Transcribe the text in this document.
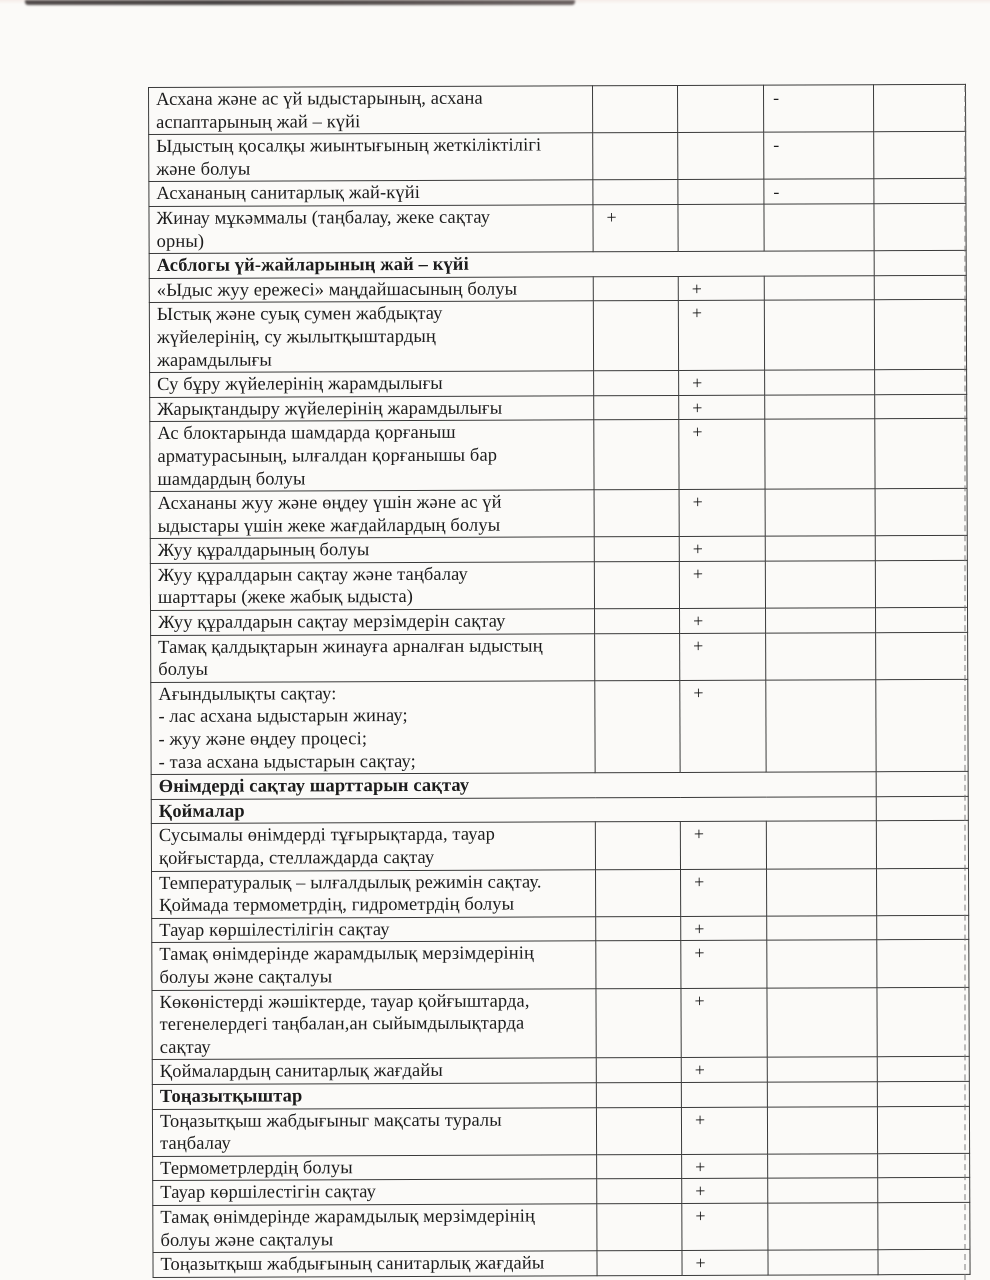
Асхана және ас үй ыдыстарының, асхана
аспаптарының жай – күйі			-	
Ыдыстың қосалқы жиынтығының жеткіліктілігі
және болуы			-	
Асхананың санитарлық жай-күйі			-	
Жинау мұкәммалы (таңбалау, жеке сақтау
орны)	+			
Асблогы үй-жайларының жай – күйі				
«Ыдыс жуу ережесі» маңдайшасының болуы		+		
Ыстық және суық сумен жабдықтау
жүйелерінің, су жылытқыштардың
жарамдылығы		+		
Су бұру жүйелерінің жарамдылығы		+		
Жарықтандыру жүйелерінің жарамдылығы		+		
Ас блоктарында шамдарда қорғаныш
арматурасының, ылғалдан қорғанышы бар
шамдардың болуы		+		
Асхананы жуу және өңдеу үшін және ас үй
ыдыстары үшін жеке жағдайлардың болуы		+		
Жуу құралдарының болуы		+		
Жуу құралдарын сақтау және таңбалау
шарттары (жеке жабық ыдыста)		+		
Жуу құралдарын сақтау мерзімдерін сақтау		+		
Тамақ қалдықтарын жинауға арналған ыдыстың
болуы		+		
Ағындылықты сақтау:
- лас асхана ыдыстарын жинау;
- жуу және өңдеу процесі;
- таза асхана ыдыстарын сақтау;		+		
Өнімдерді сақтау шарттарын сақтау				
Қоймалар				
Сусымалы өнімдерді тұғырықтарда, тауар
қойғыстарда, стеллаждарда сақтау		+		
Температуралық – ылғалдылық режимін сақтау.
Қоймада термометрдің, гидрометрдің болуы		+		
Тауар көршілестілігін сақтау		+		
Тамақ өнімдерінде жарамдылық мерзімдерінің
болуы және сақталуы		+		
Көкөністерді жәшіктерде, тауар қойғыштарда,
тегенелердегі таңбалан,ан сыйымдылықтарда
сақтау		+		
Қоймалардың санитарлық жағдайы		+		
Тоңазытқыштар				
Тоңазытқыш жабдығыныг мақсаты туралы
таңбалау		+		
Термометрлердің болуы		+		
Тауар көршілестігін сақтау		+		
Тамақ өнімдерінде жарамдылық мерзімдерінің
болуы және сақталуы		+		
Тоңазытқыш жабдығының санитарлық жағдайы		+		
